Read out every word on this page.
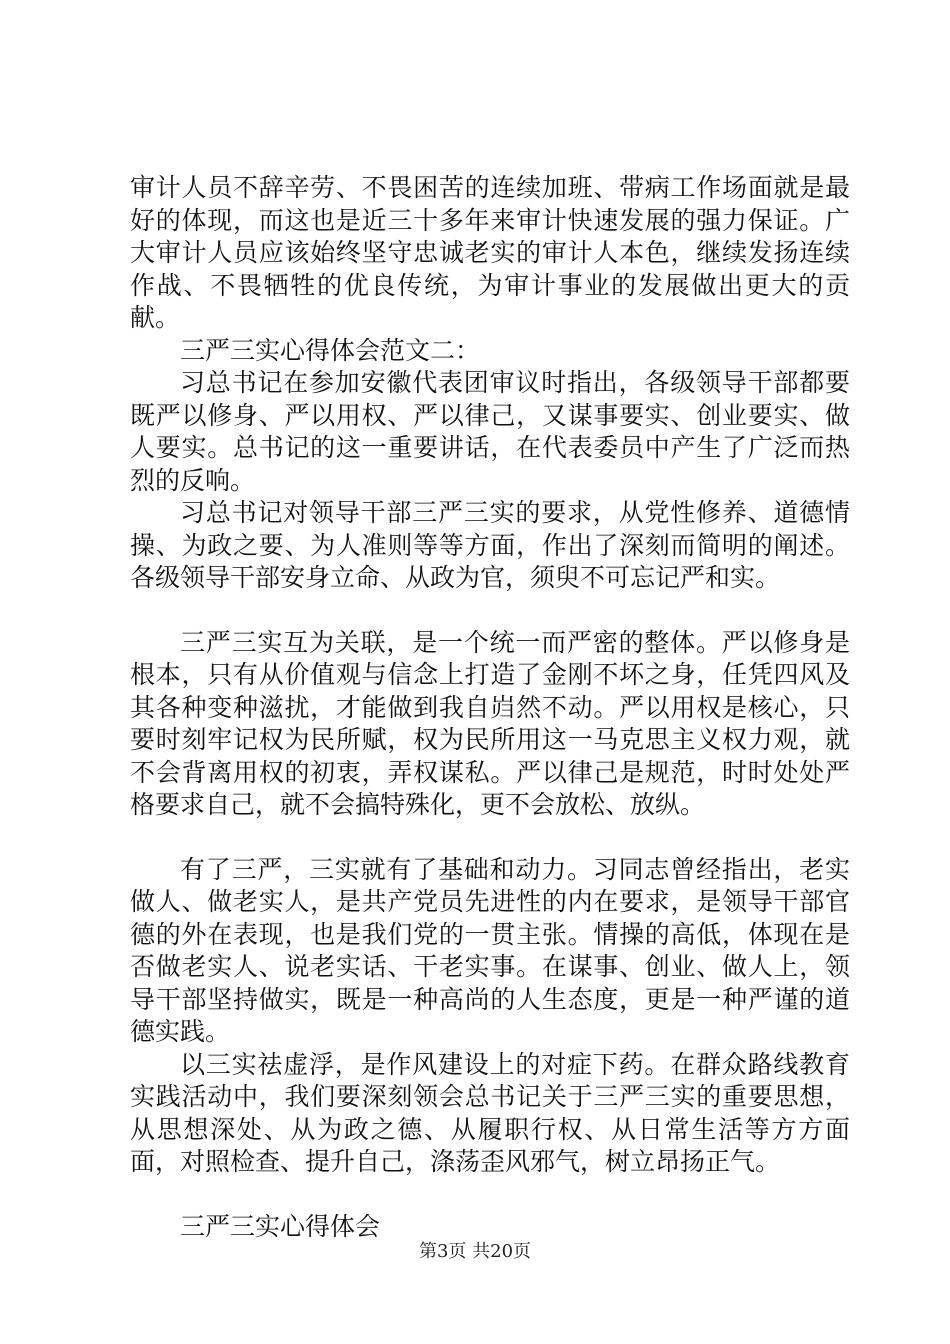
审计人员不辞辛劳、不畏困苦的连续加班、带病工作场面就是最好的体现，而这也是近三十多年来审计快速发展的强力保证。广大审计人员应该始终坚守忠诚老实的审计人本色，继续发扬连续作战、不畏牺牲的优良传统，为审计事业的发展做出更大的贡献。

三严三实心得体会范文二：

习总书记在参加安徽代表团审议时指出，各级领导干部都要既严以修身、严以用权、严以律己，又谋事要实、创业要实、做人要实。总书记的这一重要讲话，在代表委员中产生了广泛而热烈的反响。

习总书记对领导干部三严三实的要求，从党性修养、道德情操、为政之要、为人准则等等方面，作出了深刻而简明的阐述。各级领导干部安身立命、从政为官，须臾不可忘记严和实。

三严三实互为关联，是一个统一而严密的整体。严以修身是根本，只有从价值观与信念上打造了金刚不坏之身，任凭四风及其各种变种滋扰，才能做到我自岿然不动。严以用权是核心，只要时刻牢记权为民所赋，权为民所用这一马克思主义权力观，就不会背离用权的初衷，弄权谋私。严以律己是规范，时时处处严格要求自己，就不会搞特殊化，更不会放松、放纵。

有了三严，三实就有了基础和动力。习同志曾经指出，老实做人、做老实人，是共产党员先进性的内在要求，是领导干部官德的外在表现，也是我们党的一贯主张。情操的高低，体现在是否做老实人、说老实话、干老实事。在谋事、创业、做人上，领导干部坚持做实，既是一种高尚的人生态度，更是一种严谨的道德实践。

以三实祛虚浮，是作风建设上的对症下药。在群众路线教育实践活动中，我们要深刻领会总书记关于三严三实的重要思想，从思想深处、从为政之德、从履职行权、从日常生活等方方面面，对照检查、提升自己，涤荡歪风邪气，树立昂扬正气。

三严三实心得体会

第3页 共20页
